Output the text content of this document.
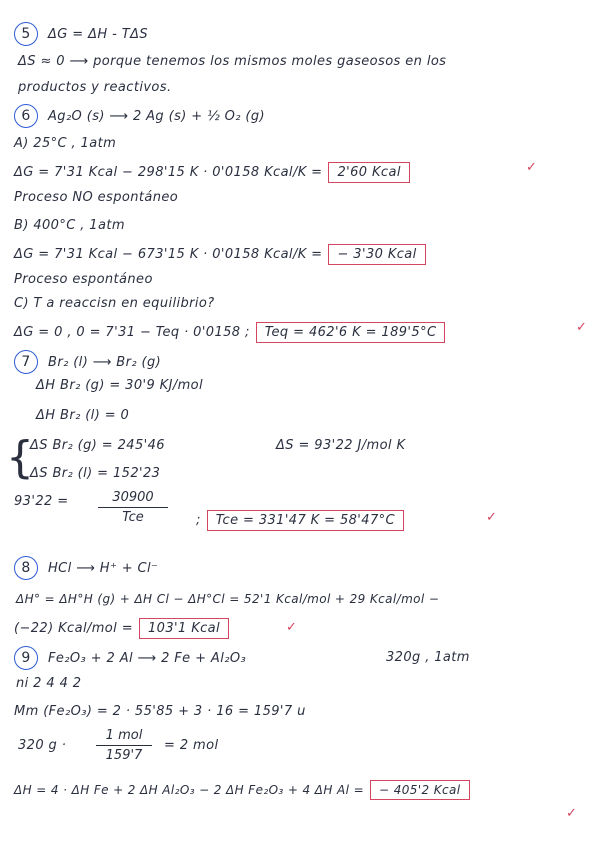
5 ΔG = ΔH - TΔS
ΔS ≈ 0 ⟶ porque tenemos los mismos moles gaseosos en los
productos y reactivos.
6 Ag₂O (s) ⟶ 2 Ag (s) + ½ O₂ (g)
A) 25°C , 1atm
ΔG = 7'31 Kcal − 298'15 K · 0'0158 Kcal/K = 2'60 Kcal	✓
Proceso NO espontáneo
B) 400°C , 1atm
ΔG = 7'31 Kcal − 673'15 K · 0'0158 Kcal/K = − 3'30 Kcal
Proceso espontáneo
C) T a reaccisn en equilibrio?
ΔG = 0 , 0 = 7'31 − Teq · 0'0158 ; Teq = 462'6 K = 189'5°C	✓
7 Br₂ (l) ⟶ Br₂ (g)
ΔH Br₂ (g) = 30'9 KJ/mol
ΔH Br₂ (l) = 0
{
ΔS Br₂ (g) = 245'46	ΔS = 93'22 J/mol K
ΔS Br₂ (l) = 152'23
93'22 =	30900
Tce	; Tce = 331'47 K = 58'47°C	✓
8 HCl ⟶ H⁺ + Cl⁻
ΔH° = ΔH°H (g) + ΔH Cl − ΔH°Cl = 52'1 Kcal/mol + 29 Kcal/mol −
(−22) Kcal/mol = 103'1 Kcal	✓
9 Fe₂O₃ + 2 Al ⟶ 2 Fe + Al₂O₃	320g , 1atm
ni 2 4 4 2
Mm (Fe₂O₃) = 2 · 55'85 + 3 · 16 = 159'7 u
320 g ·
1 mol
159'7
= 2 mol
ΔH = 4 · ΔH Fe + 2 ΔH Al₂O₃ − 2 ΔH Fe₂O₃ + 4 ΔH Al = − 405'2 Kcal
✓
